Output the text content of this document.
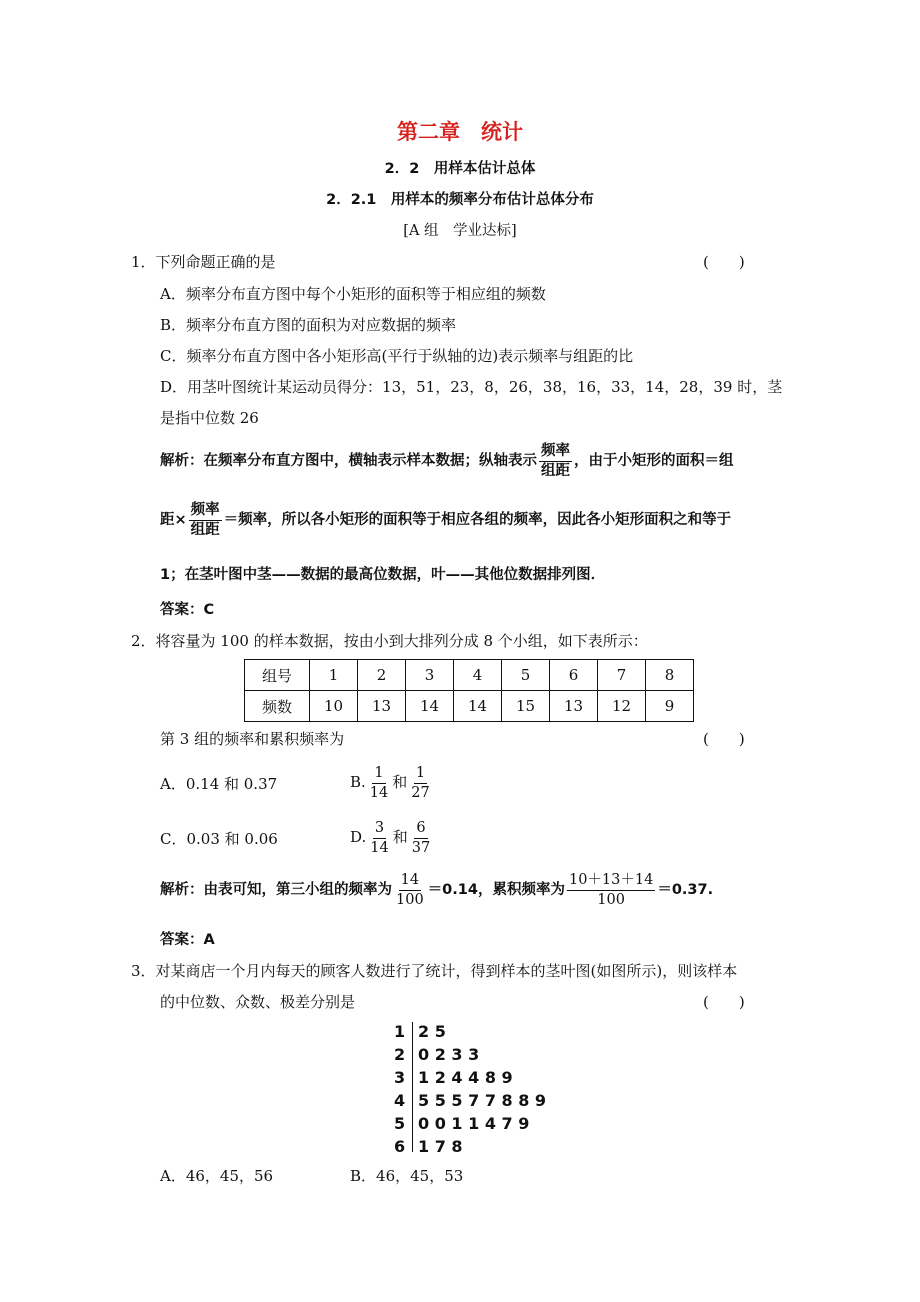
第二章　统计
2．2　用样本估计总体
2．2.1　用样本的频率分布估计总体分布
[A 组　学业达标]
1．下列命题正确的是	(　　)
A．频率分布直方图中每个小矩形的面积等于相应组的频数
B．频率分布直方图的面积为对应数据的频率
C．频率分布直方图中各小矩形高(平行于纵轴的边)表示频率与组距的比
D．用茎叶图统计某运动员得分：13，51，23，8，26，38，16，33，14，28，39 时，茎
是指中位数 26
解析：在频率分布直方图中，横轴表示样本数据；纵轴表示 $\frac{\text{频率}}{\text{组距}}$ ，由于小矩形的面积＝组
距× $\frac{\text{频率}}{\text{组距}}$ ＝频率，所以各小矩形的面积等于相应各组的频率，因此各小矩形面积之和等于
1；在茎叶图中茎——数据的最高位数据，叶——其他位数据排列图．
答案：C
2．将容量为 100 的样本数据，按由小到大排列分成 8 个小组，如下表所示：
组号	1	2	3	4	5	6	7	8
频数	10	13	14	14	15	13	12	9
第 3 组的频率和累积频率为	(　　)
A．0.14 和 0.37	B. $\frac{1}{14}$ 和 $\frac{1}{27}$
C．0.03 和 0.06	D. $\frac{3}{14}$ 和 $\frac{6}{37}$
解析：由表可知，第三小组的频率为 $\frac{14}{100} =0.14$，累积频率为 $\frac{10+13+14}{100} =0.37$.
答案：A
3．对某商店一个月内每天的顾客人数进行了统计，得到样本的茎叶图(如图所示)，则该样本
的中位数、众数、极差分别是	(　　)
1 2 5
2 0 2 3 3
3 1 2 4 4 8 9
4 5 5 5 7 7 8 8 9
5 0 0 1 1 4 7 9
6 1 7 8
A．46，45，56	B．46，45，53
